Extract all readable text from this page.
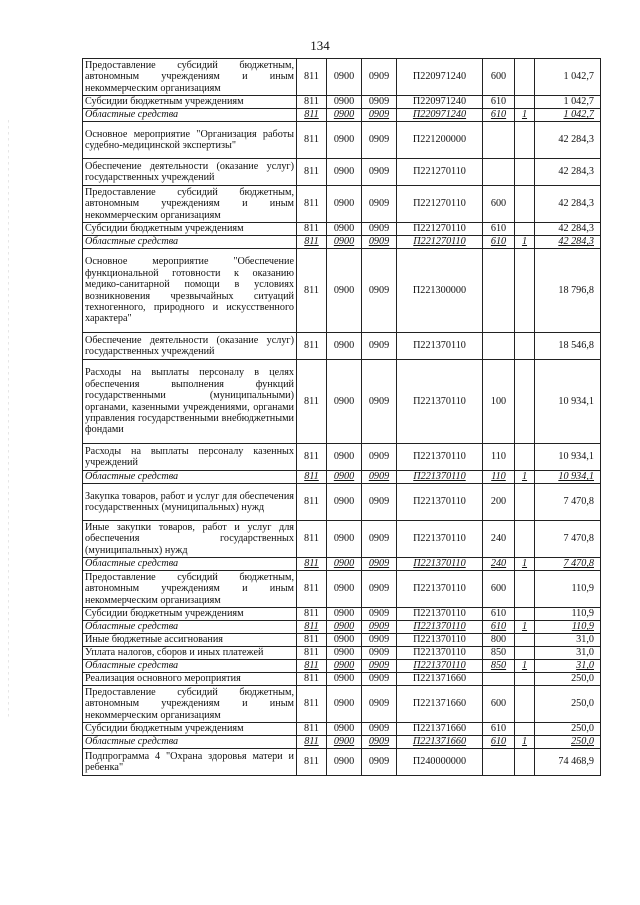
134
Предоставление субсидий бюджетным, автономным учреждениям и иным некоммерческим организациям	811	0900	0909	П220971240	600		1 042,7
Субсидии бюджетным учреждениям	811	0900	0909	П220971240	610		1 042,7
Областные средства	811	0900	0909	П220971240	610	1	1 042,7
Основное мероприятие "Организация работы судебно-медицинской экспертизы"	811	0900	0909	П221200000			42 284,3
Обеспечение деятельности (оказание услуг) государственных учреждений	811	0900	0909	П221270110			42 284,3
Предоставление субсидий бюджетным, автономным учреждениям и иным некоммерческим организациям	811	0900	0909	П221270110	600		42 284,3
Субсидии бюджетным учреждениям	811	0900	0909	П221270110	610		42 284,3
Областные средства	811	0900	0909	П221270110	610	1	42 284,3
Основное мероприятие "Обеспечение функциональной готовности к оказанию медико-санитарной помощи в условиях возникновения чрезвычайных ситуаций техногенного, природного и искусственного характера"	811	0900	0909	П221300000			18 796,8
Обеспечение деятельности (оказание услуг) государственных учреждений	811	0900	0909	П221370110			18 546,8
Расходы на выплаты персоналу в целях обеспечения выполнения функций государственными (муниципальными) органами, казенными учреждениями, органами управления государственными внебюджетными фондами	811	0900	0909	П221370110	100		10 934,1
Расходы на выплаты персоналу казенных учреждений	811	0900	0909	П221370110	110		10 934,1
Областные средства	811	0900	0909	П221370110	110	1	10 934,1
Закупка товаров, работ и услуг для обеспечения государственных (муниципальных) нужд	811	0900	0909	П221370110	200		7 470,8
Иные закупки товаров, работ и услуг для обеспечения государственных (муниципальных) нужд	811	0900	0909	П221370110	240		7 470,8
Областные средства	811	0900	0909	П221370110	240	1	7 470,8
Предоставление субсидий бюджетным, автономным учреждениям и иным некоммерческим организациям	811	0900	0909	П221370110	600		110,9
Субсидии бюджетным учреждениям	811	0900	0909	П221370110	610		110,9
Областные средства	811	0900	0909	П221370110	610	1	110,9
Иные бюджетные ассигнования	811	0900	0909	П221370110	800		31,0
Уплата налогов, сборов и иных платежей	811	0900	0909	П221370110	850		31,0
Областные средства	811	0900	0909	П221370110	850	1	31,0
Реализация основного мероприятия	811	0900	0909	П221371660			250,0
Предоставление субсидий бюджетным, автономным учреждениям и иным некоммерческим организациям	811	0900	0909	П221371660	600		250,0
Субсидии бюджетным учреждениям	811	0900	0909	П221371660	610		250,0
Областные средства	811	0900	0909	П221371660	610	1	250,0
Подпрограмма 4 "Охрана здоровья матери и ребенка"	811	0900	0909	П240000000			74 468,9
